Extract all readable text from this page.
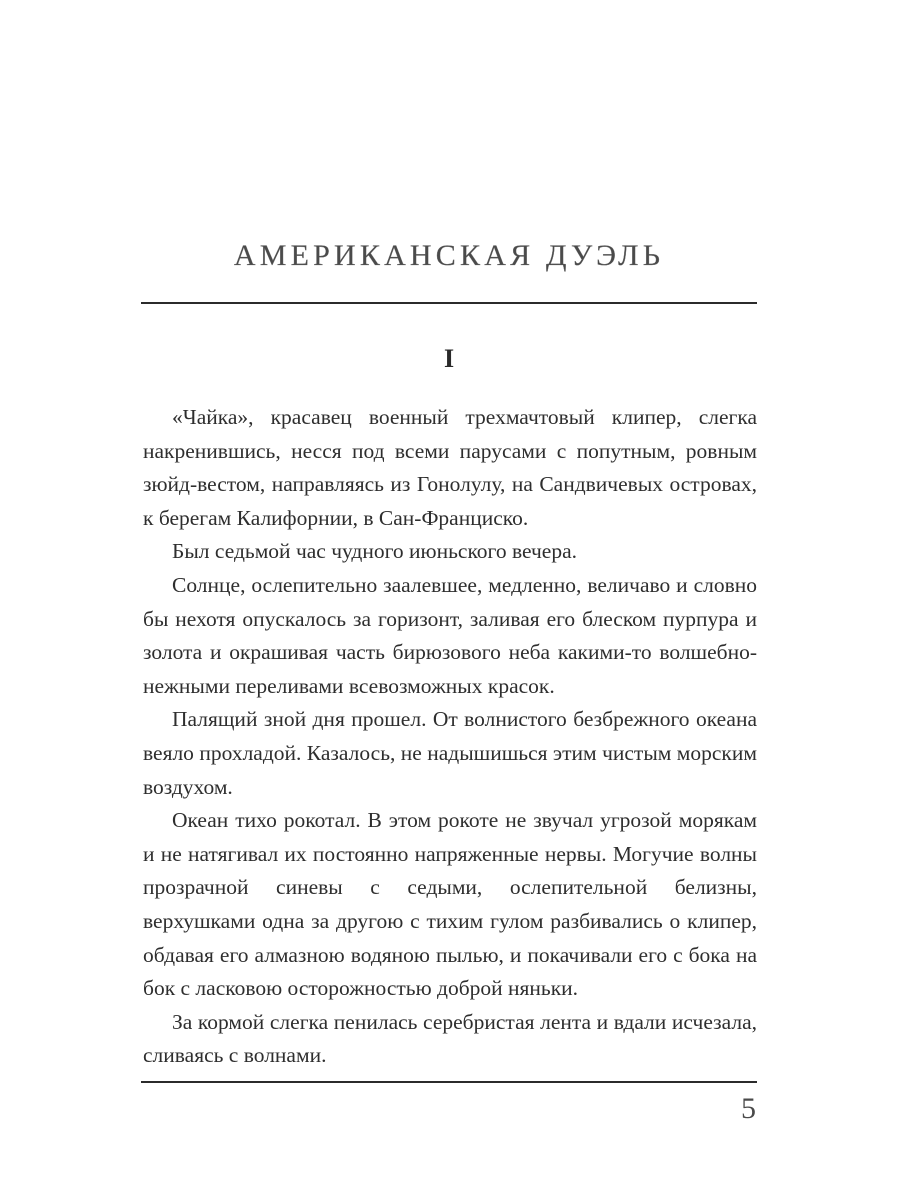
АМЕРИКАНСКАЯ ДУЭЛЬ
I

«Чайка», красавец военный трехмачтовый клипер, слегка накренившись, несся под всеми парусами с попутным, ровным зюйд-вестом, направляясь из Гонолулу, на Сандвичевых островах, к берегам Калифорнии, в Сан-Франциско.

Был седьмой час чудного июньского вечера.

Солнце, ослепительно заалевшее, медленно, величаво и словно бы нехотя опускалось за горизонт, заливая его блеском пурпура и золота и окрашивая часть бирюзового неба какими-то волшебно-нежными переливами всевозможных красок.

Палящий зной дня прошел. От волнистого безбрежного океана веяло прохладой. Казалось, не надышишься этим чистым морским воздухом.

Океан тихо рокотал. В этом рокоте не звучал угрозой морякам и не натягивал их постоянно напряженные нервы. Могучие волны прозрачной синевы с седыми, ослепительной белизны, верхушками одна за другою с тихим гулом разбивались о клипер, обдавая его алмазною водяною пылью, и покачивали его с бока на бок с ласковою осторожностью доброй няньки.

За кормой слегка пенилась серебристая лента и вдали исчезала, сливаясь с волнами.

5
